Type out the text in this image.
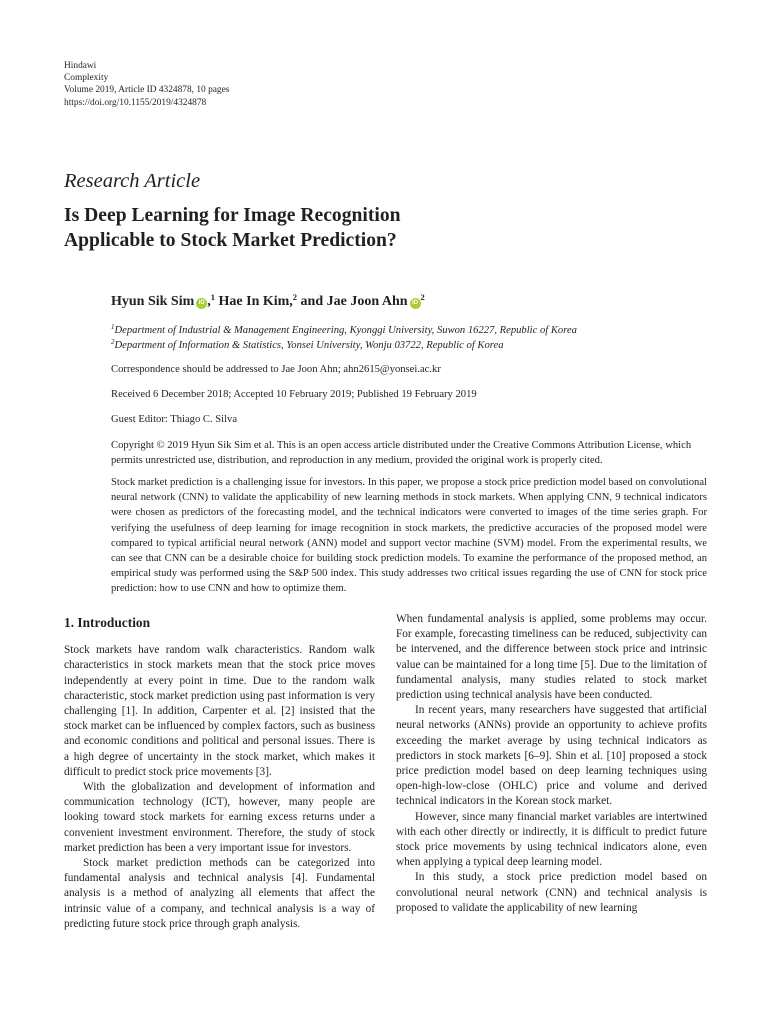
Hindawi
Complexity
Volume 2019, Article ID 4324878, 10 pages
https://doi.org/10.1155/2019/4324878
Research Article
Is Deep Learning for Image Recognition
Applicable to Stock Market Prediction?
Hyun Sik Sim iD ,$^1$ Hae In Kim,$^2$ and Jae Joon Ahn $iD^2$
$^1$Department of Industrial & Management Engineering, Kyonggi University, Suwon 16227, Republic of Korea
$^2$Department of Information & Statistics, Yonsei University, Wonju 03722, Republic of Korea
Correspondence should be addressed to Jae Joon Ahn; ahn2615@yonsei.ac.kr
Received 6 December 2018; Accepted 10 February 2019; Published 19 February 2019
Guest Editor: Thiago C. Silva

Copyright © 2019 Hyun Sik Sim et al. This is an open access article distributed under the Creative Commons Attribution License, which permits unrestricted use, distribution, and reproduction in any medium, provided the original work is properly cited.

Stock market prediction is a challenging issue for investors. In this paper, we propose a stock price prediction model based on convolutional neural network (CNN) to validate the applicability of new learning methods in stock markets. When applying CNN, 9 technical indicators were chosen as predictors of the forecasting model, and the technical indicators were converted to images of the time series graph. For verifying the usefulness of deep learning for image recognition in stock markets, the predictive accuracies of the proposed model were compared to typical artificial neural network (ANN) model and support vector machine (SVM) model. From the experimental results, we can see that CNN can be a desirable choice for building stock prediction models. To examine the performance of the proposed method, an empirical study was performed using the S&P 500 index. This study addresses two critical issues regarding the use of CNN for stock price prediction: how to use CNN and how to optimize them.

1. Introduction

Stock markets have random walk characteristics. Random walk characteristics in stock markets mean that the stock price moves independently at every point in time. Due to the random walk characteristic, stock market prediction using past information is very challenging [1]. In addition, Carpenter et al. [2] insisted that the stock market can be influenced by complex factors, such as business and economic conditions and political and personal issues. There is a high degree of uncertainty in the stock market, which makes it difficult to predict stock price movements [3].

With the globalization and development of information and communication technology (ICT), however, many people are looking toward stock markets for earning excess returns under a convenient investment environment. Therefore, the study of stock market prediction has been a very important issue for investors.

Stock market prediction methods can be categorized into fundamental analysis and technical analysis [4]. Fundamental analysis is a method of analyzing all elements that affect the intrinsic value of a company, and technical analysis is a way of predicting future stock price through graph analysis.

When fundamental analysis is applied, some problems may occur. For example, forecasting timeliness can be reduced, subjectivity can be intervened, and the difference between stock price and intrinsic value can be maintained for a long time [5]. Due to the limitation of fundamental analysis, many studies related to stock market prediction using technical analysis have been conducted.

In recent years, many researchers have suggested that artificial neural networks (ANNs) provide an opportunity to achieve profits exceeding the market average by using technical indicators as predictors in stock markets [6–9]. Shin et al. [10] proposed a stock price prediction model based on deep learning techniques using open-high-low-close (OHLC) price and volume and derived technical indicators in the Korean stock market.

However, since many financial market variables are intertwined with each other directly or indirectly, it is difficult to predict future stock price movements by using technical indicators alone, even when applying a typical deep learning model.

In this study, a stock price prediction model based on convolutional neural network (CNN) and technical analysis is proposed to validate the applicability of new learning
